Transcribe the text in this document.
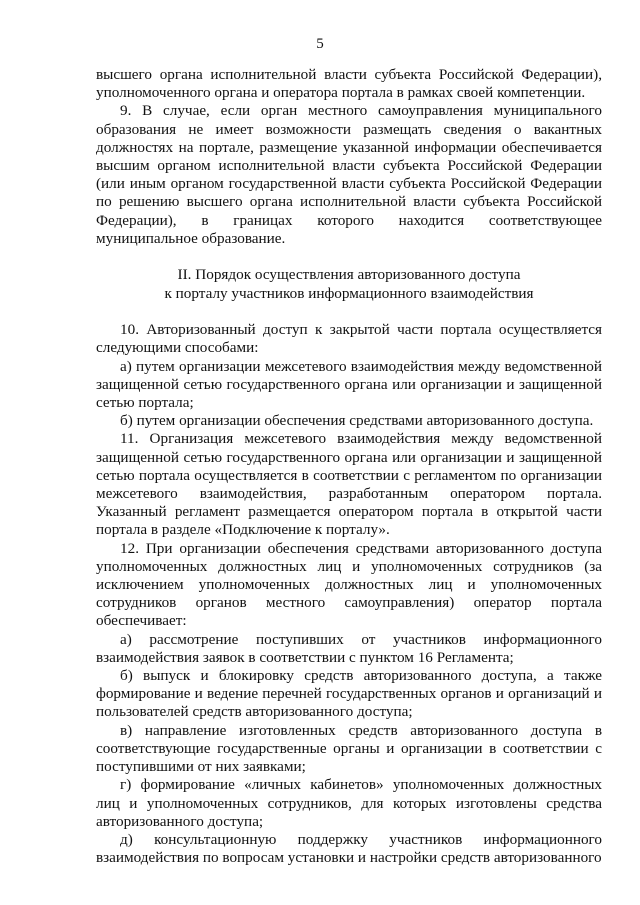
5

высшего органа исполнительной власти субъекта Российской Федерации), уполномоченного органа и оператора портала в рамках своей компетенции.

9. В случае, если орган местного самоуправления муниципального образования не имеет возможности размещать сведения о вакантных должностях на портале, размещение указанной информации обеспечивается высшим органом исполнительной власти субъекта Российской Федерации (или иным органом государственной власти субъекта Российской Федерации по решению высшего органа исполнительной власти субъекта Российской Федерации), в границах которого находится соответствующее муниципальное образование.

II. Порядок осуществления авторизованного доступа
к порталу участников информационного взаимодействия

10. Авторизованный доступ к закрытой части портала осуществляется следующими способами:

а) путем организации межсетевого взаимодействия между ведомственной защищенной сетью государственного органа или организации и защищенной сетью портала;

б) путем организации обеспечения средствами авторизованного доступа.

11. Организация межсетевого взаимодействия между ведомственной защищенной сетью государственного органа или организации и защищенной сетью портала осуществляется в соответствии с регламентом по организации межсетевого взаимодействия, разработанным оператором портала. Указанный регламент размещается оператором портала в открытой части портала в разделе «Подключение к порталу».

12. При организации обеспечения средствами авторизованного доступа уполномоченных должностных лиц и уполномоченных сотрудников (за исключением уполномоченных должностных лиц и уполномоченных сотрудников органов местного самоуправления) оператор портала обеспечивает:

а) рассмотрение поступивших от участников информационного взаимодействия заявок в соответствии с пунктом 16 Регламента;

б) выпуск и блокировку средств авторизованного доступа, а также формирование и ведение перечней государственных органов и организаций и пользователей средств авторизованного доступа;

в) направление изготовленных средств авторизованного доступа в соответствующие государственные органы и организации в соответствии с поступившими от них заявками;

г) формирование «личных кабинетов» уполномоченных должностных лиц и уполномоченных сотрудников, для которых изготовлены средства авторизованного доступа;

д) консультационную поддержку участников информационного взаимодействия по вопросам установки и настройки средств авторизованного
